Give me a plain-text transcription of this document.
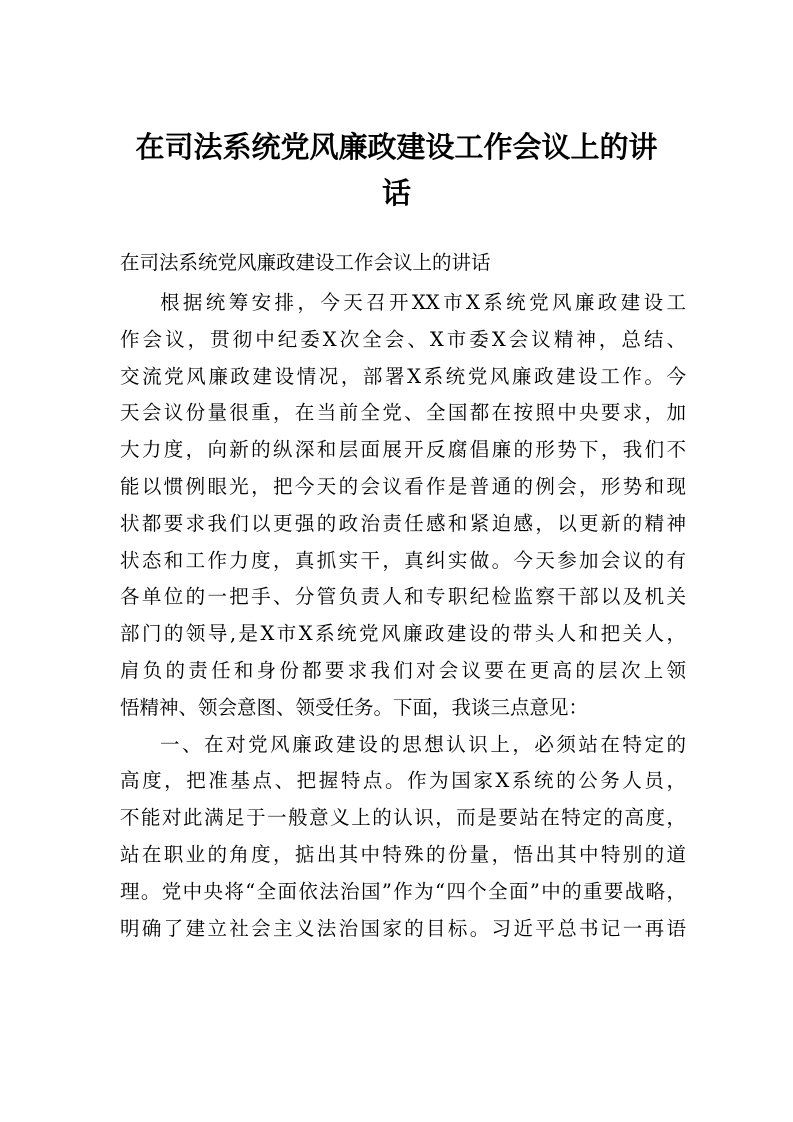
在司法系统党风廉政建设工作会议上的讲
话

在司法系统党风廉政建设工作会议上的讲话

根据统筹安排，今天召开XX市X系统党风廉政建设工
作会议，贯彻中纪委X次全会、X市委X会议精神，总结、
交流党风廉政建设情况，部署X系统党风廉政建设工作。今
天会议份量很重，在当前全党、全国都在按照中央要求，加
大力度，向新的纵深和层面展开反腐倡廉的形势下，我们不
能以惯例眼光，把今天的会议看作是普通的例会，形势和现
状都要求我们以更强的政治责任感和紧迫感，以更新的精神
状态和工作力度，真抓实干，真纠实做。今天参加会议的有
各单位的一把手、分管负责人和专职纪检监察干部以及机关
部门的领导,是X市X系统党风廉政建设的带头人和把关人，
肩负的责任和身份都要求我们对会议要在更高的层次上领
悟精神、领会意图、领受任务。下面，我谈三点意见：
一、在对党风廉政建设的思想认识上，必须站在特定的
高度，把准基点、把握特点。作为国家X系统的公务人员，
不能对此满足于一般意义上的认识，而是要站在特定的高度，
站在职业的角度，掂出其中特殊的份量，悟出其中特别的道
理。党中央将“全面依法治国”作为“四个全面”中的重要战略，
明确了建立社会主义法治国家的目标。习近平总书记一再语
